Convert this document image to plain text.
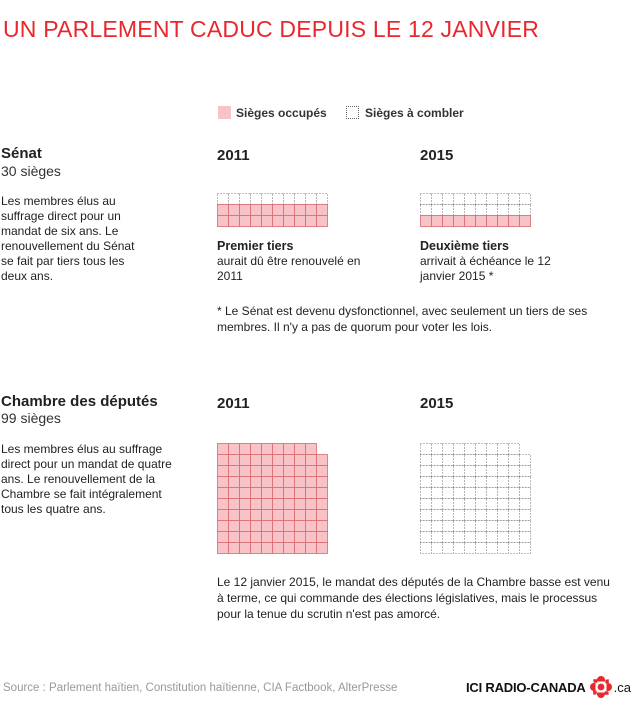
UN PARLEMENT CADUC DEPUIS LE 12 JANVIER
Sièges occupés	Sièges à combler
Sénat
30 sièges
Les membres élus au suffrage direct pour un mandat de six ans. Le renouvellement du Sénat se fait par tiers tous les deux ans.
2011	2015
Premier tiers
aurait dû être renouvelé en 2011
Deuxième tiers
arrivait à échéance le 12 janvier 2015 *
* Le Sénat est devenu dysfonctionnel, avec seulement un tiers de ses membres. Il n'y a pas de quorum pour voter les lois.
Chambre des députés
99 sièges
Les membres élus au suffrage direct pour un mandat de quatre ans. Le renouvellement de la Chambre se fait intégralement tous les quatre ans.
2011	2015
Le 12 janvier 2015, le mandat des députés de la Chambre basse est venu à terme, ce qui commande des élections législatives, mais le processus pour la tenue du scrutin n'est pas amorcé.
Source : Parlement haïtien, Constitution haïtienne, CIA Factbook, AlterPresse	ICI RADIO-CANADA .ca
